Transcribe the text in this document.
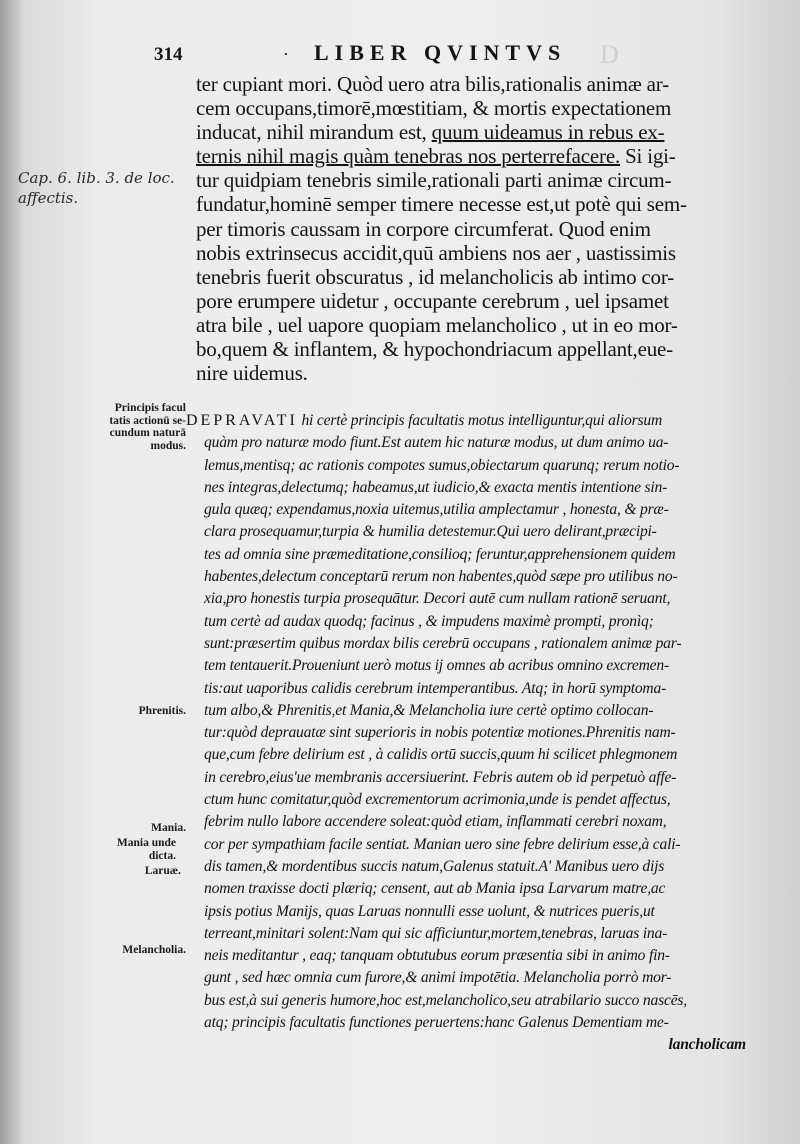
D
314	· LIBER QVINTVS
Cap. 6. lib. 3. de loc.
affectis.
ter cupiant mori. Quòd uero atra bilis,rationalis animæ ar-
cem occupans,timorē,mœstitiam, & mortis expectationem
inducat, nihil mirandum est, quum uideamus in rebus ex-
ternis nihil magis quàm tenebras nos perterrefacere. Si igi-
tur quidpiam tenebris simile,rationali parti animæ circum-
fundatur,hominē semper timere necesse est,ut potè qui sem-
per timoris caussam in corpore circumferat. Quod enim
nobis extrinsecus accidit,quū ambiens nos aer , uastissimis
tenebris fuerit obscuratus , id melancholicis ab intimo cor-
pore erumpere uidetur , occupante cerebrum , uel ipsamet
atra bile , uel uapore quopiam melancholico , ut in eo mor-
bo,quem & inflantem, & hypochondriacum appellant,eue-
nire uidemus.
Principis facul
tatis actionū se-
cundum naturā
modus.
Phrenitis.
Mania.
Mania unde
dicta.
Laruæ.
Melancholia.
DEPRAVATI hi certè principis facultatis motus intelliguntur,qui aliorsum
quàm pro naturæ modo fiunt.Est autem hic naturæ modus, ut dum animo ua-
lemus,mentisq; ac rationis compotes sumus,obiectarum quarunq; rerum notio-
nes integras,delectumq; habeamus,ut iudicio,& exacta mentis intentione sin-
gula quæq; expendamus,noxia uitemus,utilia amplectamur , honesta, & præ-
clara prosequamur,turpia & humilia detestemur.Qui uero delirant,præcipi-
tes ad omnia sine præmeditatione,consilioq; feruntur,apprehensionem quidem
habentes,delectum conceptarū rerum non habentes,quòd sæpe pro utilibus no-
xia,pro honestis turpia prosequātur. Decori autē cum nullam rationē seruant,
tum certè ad audax quodq; facinus , & impudens maximè prompti, pronìq;
sunt:præsertim quibus mordax bilis cerebrū occupans , rationalem animæ par-
tem tentauerit.Proueniunt uerò motus ij omnes ab acribus omnino excremen-
tis:aut uaporibus calidis cerebrum intemperantibus. Atq; in horū symptoma-
tum albo,& Phrenitis,et Mania,& Melancholia iure certè optimo collocan-
tur:quòd deprauatæ sint superioris in nobis potentiæ motiones.Phrenitis nam-
que,cum febre delirium est , à calidis ortū succis,quum hi scilicet phlegmonem
in cerebro,eius'ue membranis accersiuerint. Febris autem ob id perpetuò affe-
ctum hunc comitatur,quòd excrementorum acrimonia,unde is pendet affectus,
febrim nullo labore accendere soleat:quòd etiam, inflammati cerebri noxam,
cor per sympathiam facile sentiat. Manian uero sine febre delirium esse,à cali-
dis tamen,& mordentibus succis natum,Galenus statuit.A' Manibus uero dijs
nomen traxisse docti plæriq; censent, aut ab Mania ipsa Larvarum matre,ac
ipsis potius Manijs, quas Laruas nonnulli esse uolunt, & nutrices pueris,ut
terreant,minitari solent:Nam qui sic afficiuntur,mortem,tenebras, laruas ina-
neis meditantur , eaq; tanquam obtutubus eorum præsentia sibi in animo fin-
gunt , sed hæc omnia cum furore,& animi impotētia. Melancholia porrò mor-
bus est,à sui generis humore,hoc est,melancholico,seu atrabilario succo nascēs,
atq; principis facultatis functiones peruertens:hanc Galenus Dementiam me-
lancholicam
